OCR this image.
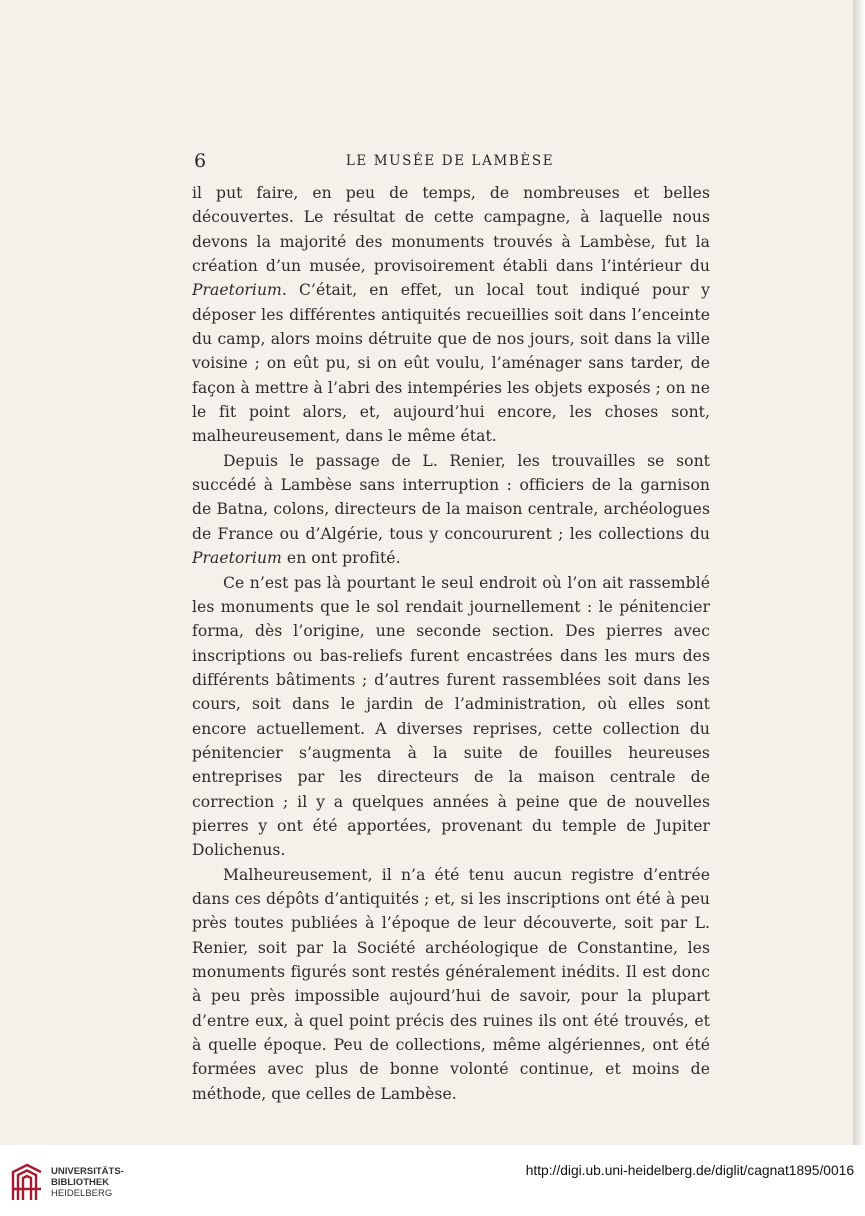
6	LE MUSÉE DE LAMBÈSE

il put faire, en peu de temps, de nombreuses et belles découvertes. Le résultat de cette campagne, à laquelle nous devons la majorité des monuments trouvés à Lambèse, fut la création d’un musée, provisoirement établi dans l’intérieur du Praetorium. C’était, en effet, un local tout indiqué pour y déposer les différentes antiquités recueillies soit dans l’enceinte du camp, alors moins détruite que de nos jours, soit dans la ville voisine ; on eût pu, si on eût voulu, l’aménager sans tarder, de façon à mettre à l’abri des intempéries les objets exposés ; on ne le fit point alors, et, aujourd’hui encore, les choses sont, malheureusement, dans le même état.

Depuis le passage de L. Renier, les trouvailles se sont succédé à Lambèse sans interruption : officiers de la garnison de Batna, colons, directeurs de la maison centrale, archéologues de France ou d’Algérie, tous y concoururent ; les collections du Praetorium en ont profité.

Ce n’est pas là pourtant le seul endroit où l’on ait rassemblé les monuments que le sol rendait journellement : le pénitencier forma, dès l’origine, une seconde section. Des pierres avec inscriptions ou bas-reliefs furent encastrées dans les murs des différents bâtiments ; d’autres furent rassemblées soit dans les cours, soit dans le jardin de l’administration, où elles sont encore actuellement. A diverses reprises, cette collection du pénitencier s’augmenta à la suite de fouilles heureuses entreprises par les directeurs de la maison centrale de correction ; il y a quelques années à peine que de nouvelles pierres y ont été apportées, provenant du temple de Jupiter Dolichenus.

Malheureusement, il n’a été tenu aucun registre d’entrée dans ces dépôts d’antiquités ; et, si les inscriptions ont été à peu près toutes publiées à l’époque de leur découverte, soit par L. Renier, soit par la Société archéologique de Constantine, les monuments figurés sont restés généralement inédits. Il est donc à peu près impossible aujourd’hui de savoir, pour la plupart d’entre eux, à quel point précis des ruines ils ont été trouvés, et à quelle époque. Peu de collections, même algériennes, ont été formées avec plus de bonne volonté continue, et moins de méthode, que celles de Lambèse.

UNIVERSITÄTS-
BIBLIOTHEK
HEIDELBERG
http://digi.ub.uni-heidelberg.de/diglit/cagnat1895/0016
